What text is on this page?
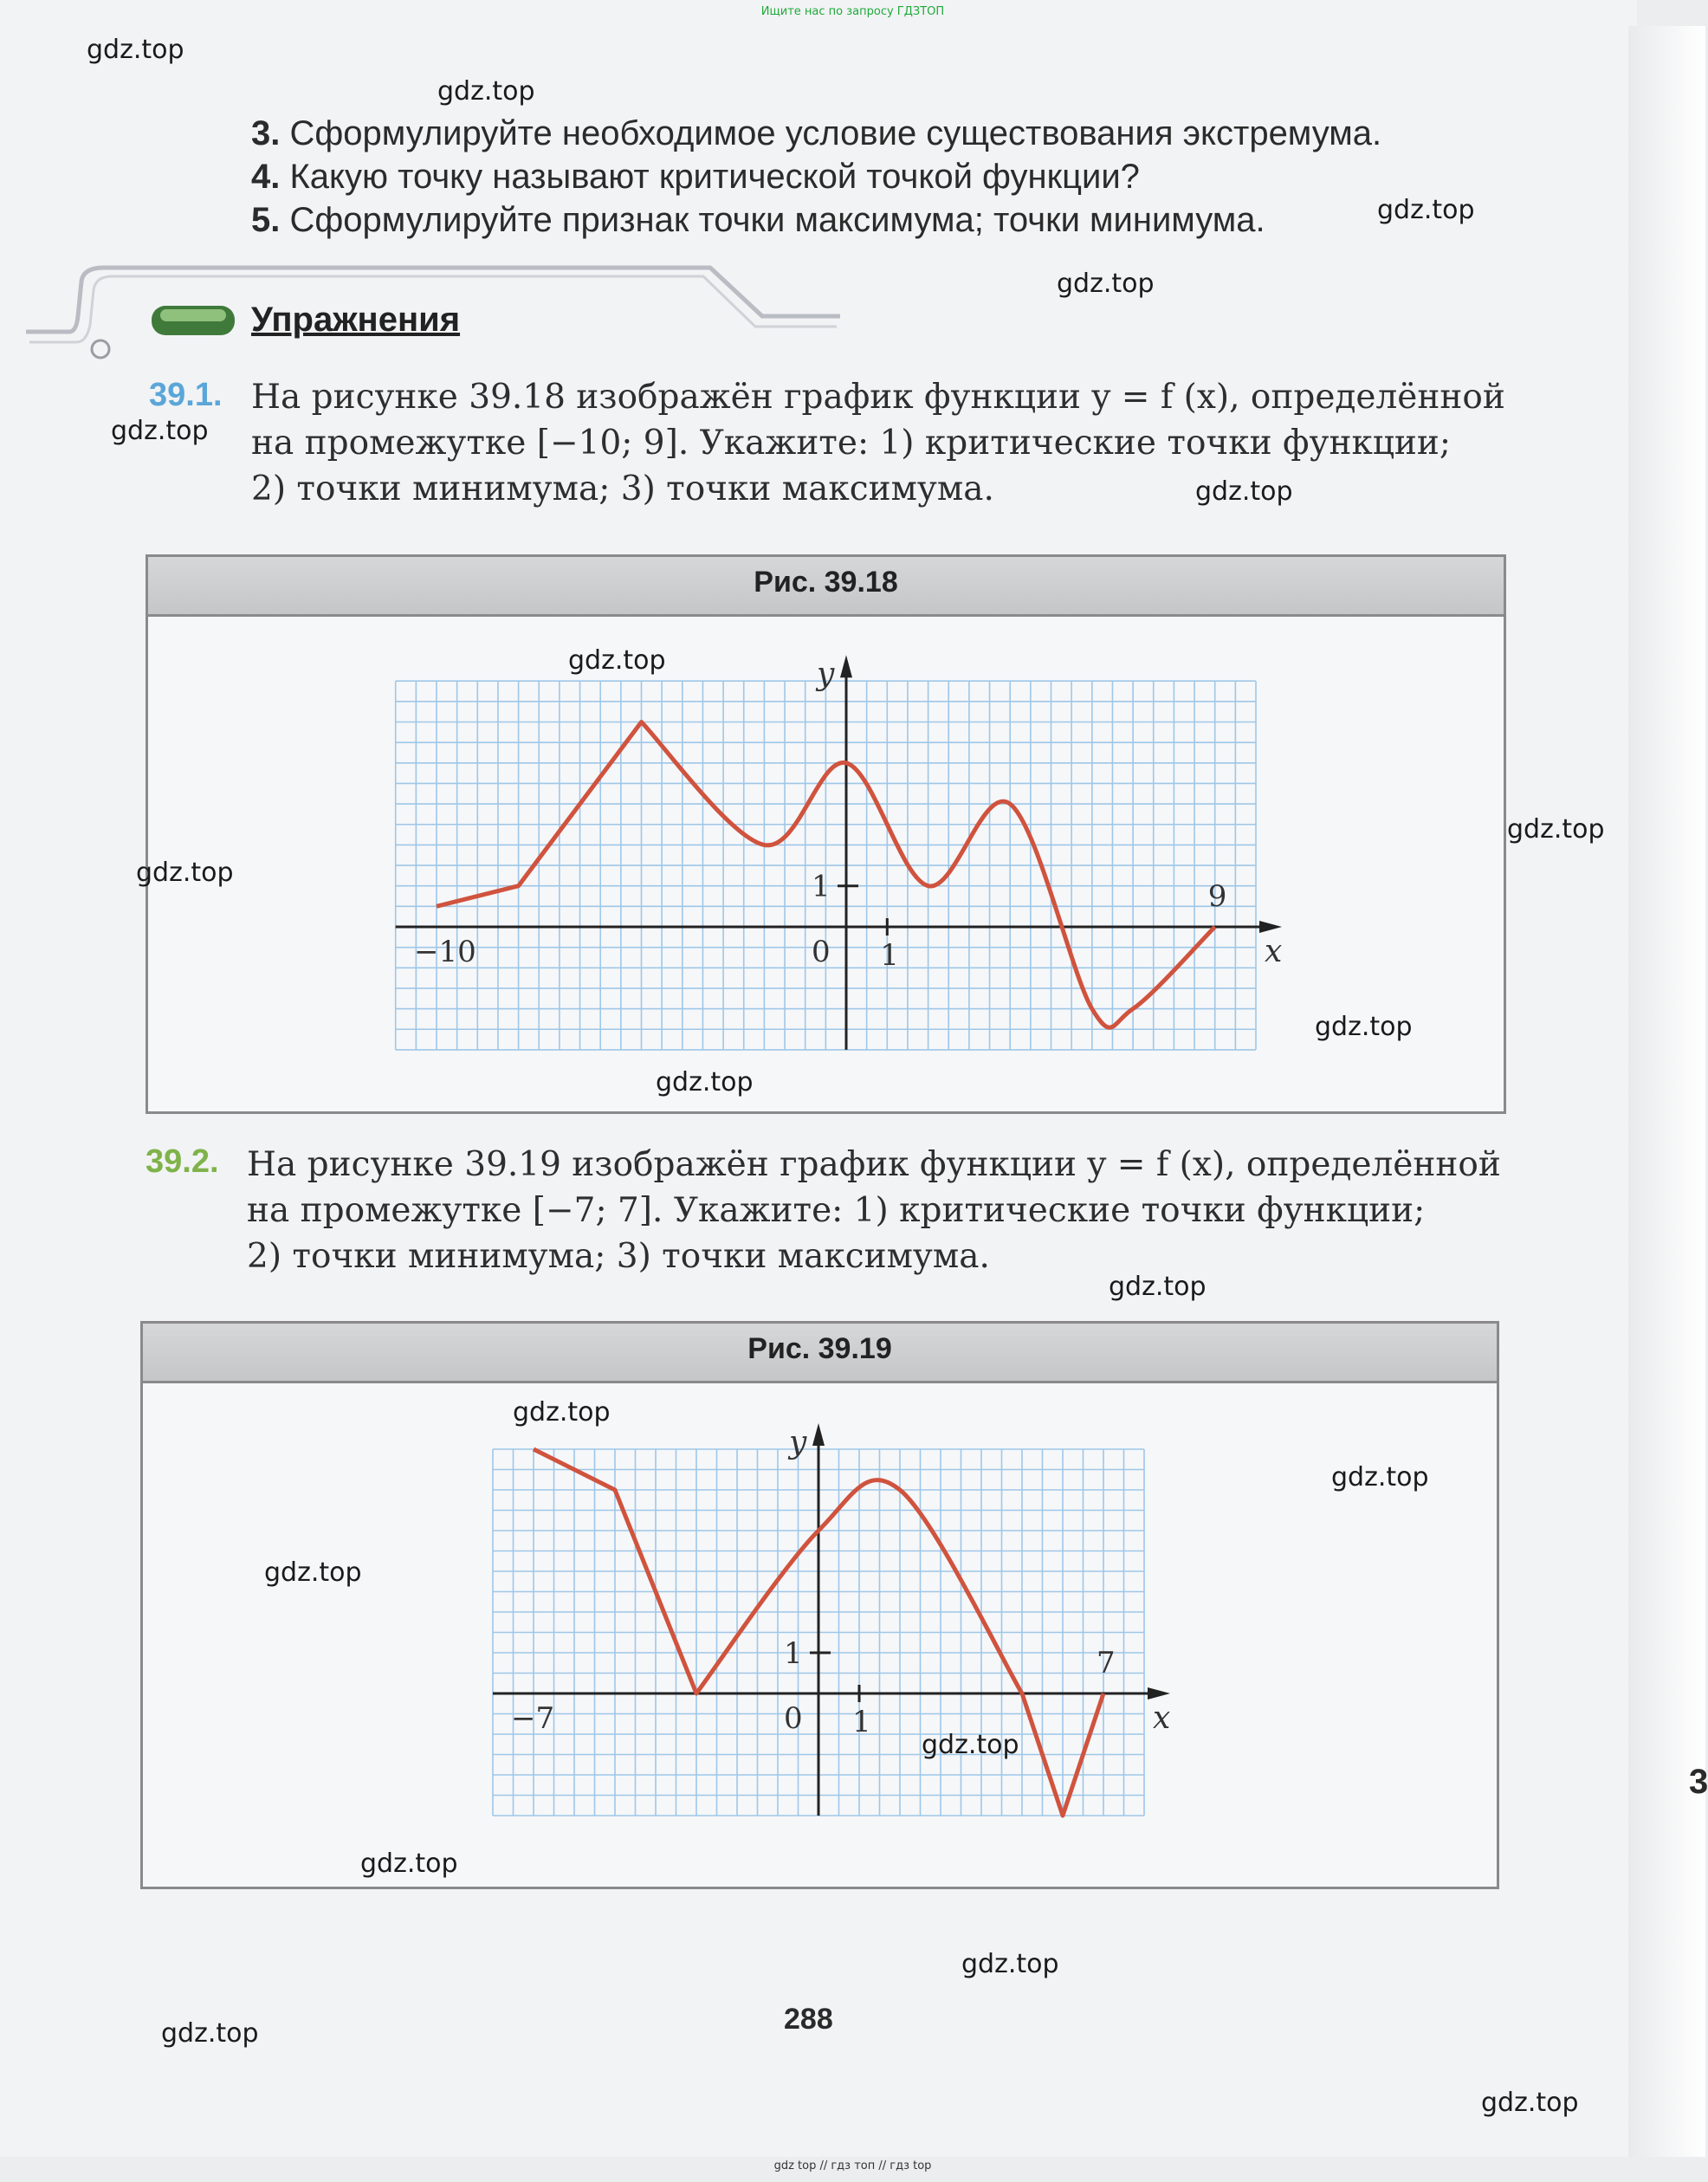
Ищите нас по запросу ГДЗТОП
3. Сформулируйте необходимое условие существования экстремума.
4. Какую точку называют критической точкой функции?
5. Сформулируйте признак точки максимума; точки минимума.
Упражнения
39.1. На рисунке 39.18 изображён график функции y = f (x), определённой
на промежутке [−10; 9]. Укажите: 1) критические точки функции;
2) точки минимума; 3) точки максимума.
Рис. 39.18
x
y
−10	1
9
1
0
39.2. На рисунке 39.19 изображён график функции y = f (x), определённой
на промежутке [−7; 7]. Укажите: 1) критические точки функции;
2) точки минимума; 3) точки максимума.
Рис. 39.19
x
y
−7	1
7
1
0
288
3
gdz.top
gdz.top
gdz.top
gdz.top
gdz.top
gdz.top
gdz.top
gdz.top
gdz.top
gdz.top
gdz.top
gdz.top
gdz.top
gdz.top
gdz.top
gdz.top
gdz.top
gdz.top
gdz.top
gdz.top
gdz top // гдз топ // гдз top
